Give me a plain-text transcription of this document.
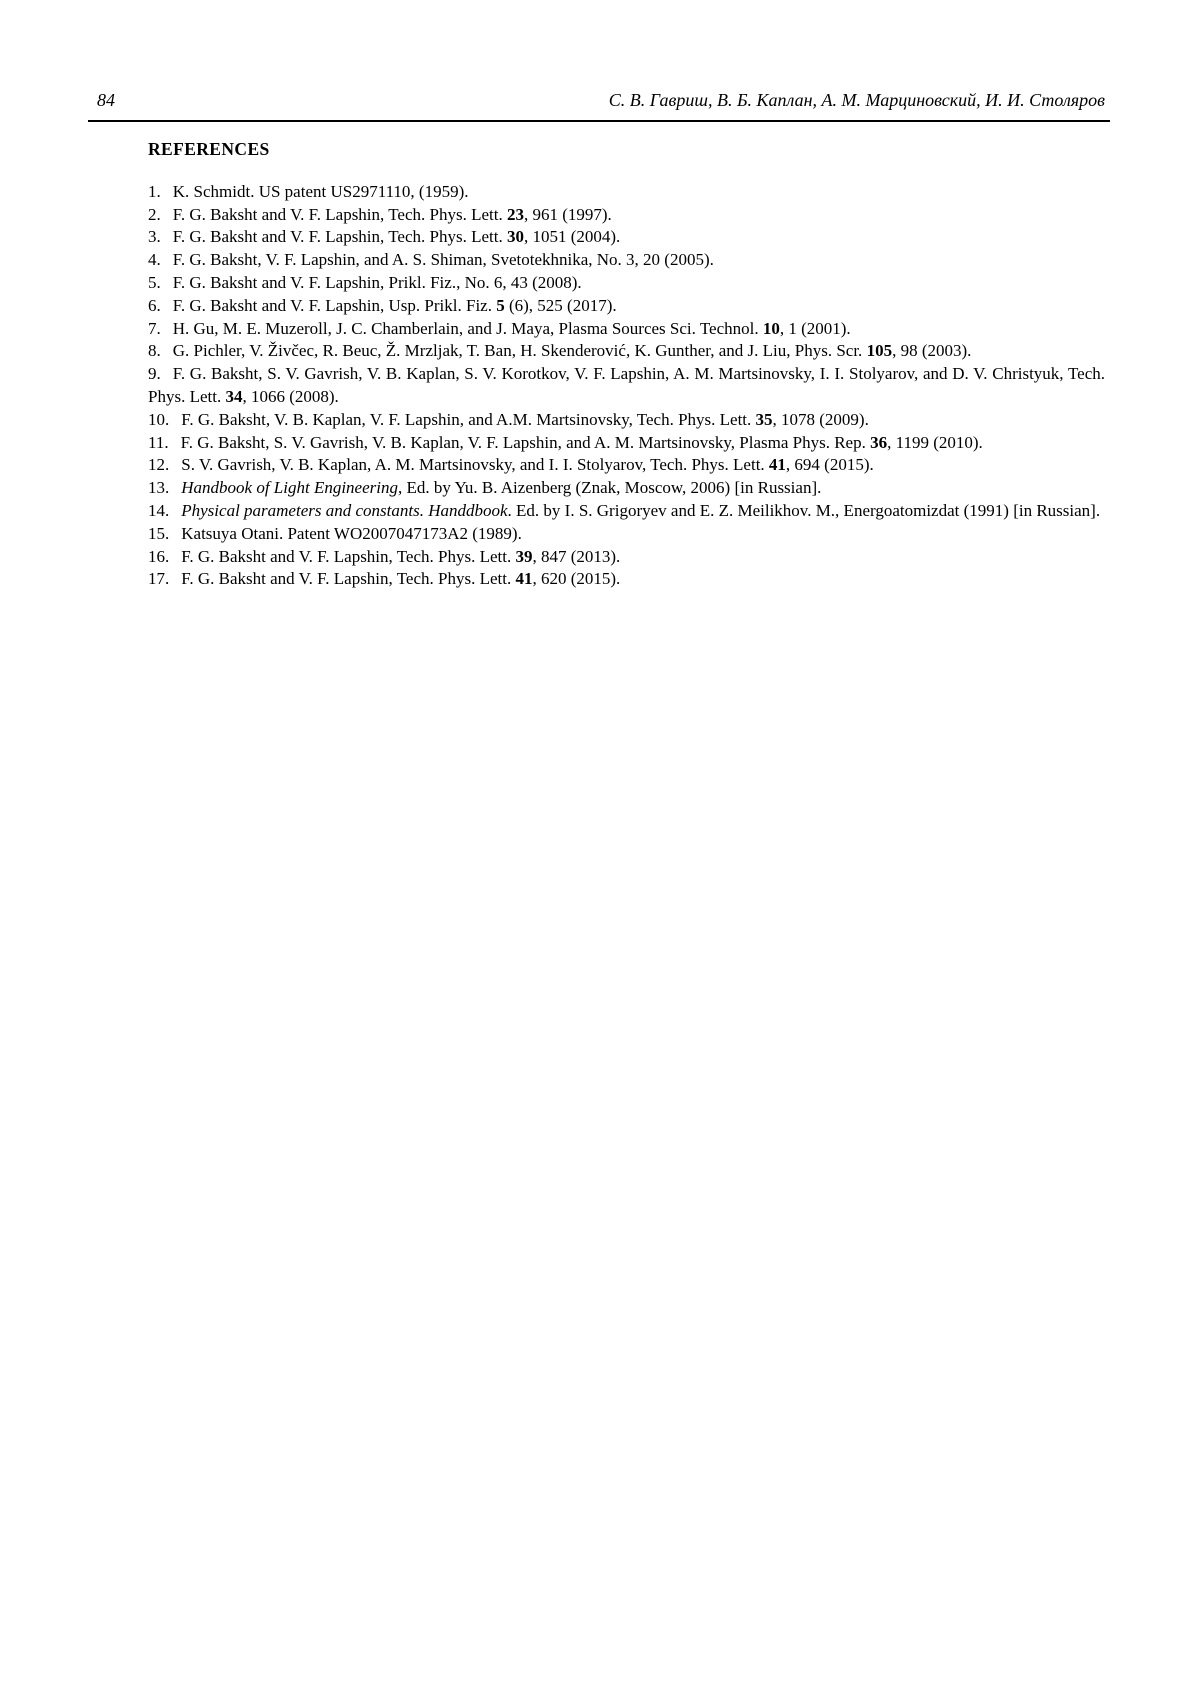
84	С. В. Гавриш, В. Б. Каплан, А. М. Марциновский, И. И. Столяров
REFERENCES

1. K. Schmidt. US patent US2971110, (1959).

2. F. G. Baksht and V. F. Lapshin, Tech. Phys. Lett. 23, 961 (1997).

3. F. G. Baksht and V. F. Lapshin, Tech. Phys. Lett. 30, 1051 (2004).

4. F. G. Baksht, V. F. Lapshin, and A. S. Shiman, Svetotekhnika, No. 3, 20 (2005).

5. F. G. Baksht and V. F. Lapshin, Prikl. Fiz., No. 6, 43 (2008).

6. F. G. Baksht and V. F. Lapshin, Usp. Prikl. Fiz. 5 (6), 525 (2017).

7. H. Gu, M. E. Muzeroll, J. C. Chamberlain, and J. Maya, Plasma Sources Sci. Technol. 10, 1 (2001).

8. G. Pichler, V. Živčec, R. Beuc, Ž. Mrzljak, T. Ban, H. Skenderović, K. Gunther, and J. Liu, Phys. Scr. 105, 98 (2003).

9. F. G. Baksht, S. V. Gavrish, V. B. Kaplan, S. V. Korotkov, V. F. Lapshin, A. M. Martsinovsky, I. I. Stolyarov, and D. V. Christyuk, Tech. Phys. Lett. 34, 1066 (2008).

10. F. G. Baksht, V. B. Kaplan, V. F. Lapshin, and A.M. Martsinovsky, Tech. Phys. Lett. 35, 1078 (2009).

11. F. G. Baksht, S. V. Gavrish, V. B. Kaplan, V. F. Lapshin, and A. M. Martsinovsky, Plasma Phys. Rep. 36, 1199 (2010).

12. S. V. Gavrish, V. B. Kaplan, A. M. Martsinovsky, and I. I. Stolyarov, Tech. Phys. Lett. 41, 694 (2015).

13. Handbook of Light Engineering, Ed. by Yu. B. Aizenberg (Znak, Moscow, 2006) [in Russian].

14. Physical parameters and constants. Handdbook. Ed. by I. S. Grigoryev and E. Z. Meilikhov. M., Energoatomizdat (1991) [in Russian].

15. Katsuya Otani. Patent WO2007047173A2 (1989).

16. F. G. Baksht and V. F. Lapshin, Tech. Phys. Lett. 39, 847 (2013).

17. F. G. Baksht and V. F. Lapshin, Tech. Phys. Lett. 41, 620 (2015).
